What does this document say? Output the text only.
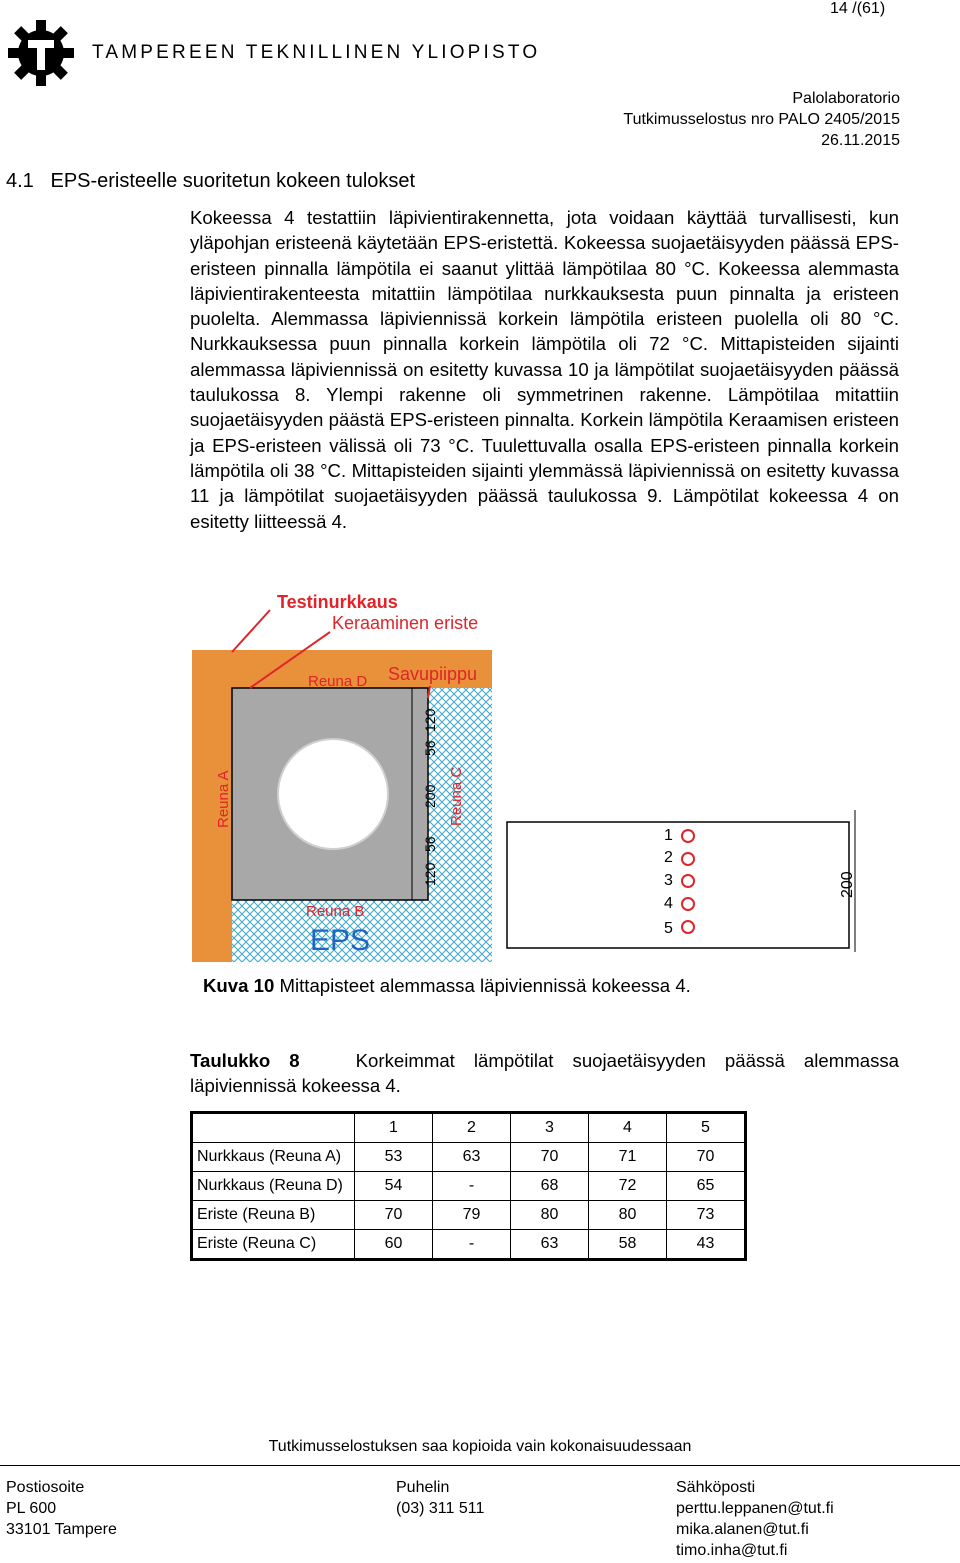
14 /(61)
TAMPEREEN TEKNILLINEN YLIOPISTO
Palolaboratorio
Tutkimusselostus nro PALO 2405/2015
26.11.2015
4.1   EPS-eristeelle suoritetun kokeen tulokset

Kokeessa 4 testattiin läpivientirakennetta, jota voidaan käyttää turvallisesti, kun yläpohjan eristeenä käytetään EPS-eristettä. Kokeessa suojaetäisyyden päässä EPS-eristeen pinnalla lämpötila ei saanut ylittää lämpötilaa 80 °C. Kokeessa alemmasta läpivientirakenteesta mitattiin lämpötilaa nurkkauksesta puun pinnalta ja eristeen puolelta. Alemmassa läpiviennissä korkein lämpötila eristeen puolella oli 80 °C. Nurkkauksessa puun pinnalla korkein lämpötila oli 72 °C. Mittapisteiden sijainti alemmassa läpiviennissä on esitetty kuvassa 10 ja lämpötilat suojaetäisyyden päässä taulukossa 8. Ylempi rakenne oli symmetrinen rakenne. Lämpötilaa mitattiin suojaetäisyyden päästä EPS-eristeen pinnalta. Korkein lämpötila Keraamisen eristeen ja EPS-eristeen välissä oli 73 °C. Tuulettuvalla osalla EPS-eristeen pinnalla korkein lämpötila oli 38 °C. Mittapisteiden sijainti ylemmässä läpiviennissä on esitetty kuvassa 11 ja lämpötilat suojaetäisyyden päässä taulukossa 9. Lämpötilat kokeessa 4 on esitetty liitteessä 4.

Testinurkkaus
Keraaminen eriste
Reuna D Savupiippu
Reuna A	Reuna C
Reuna B
EPS
120
56
200
56
120	200
1
2
3
4
5
Kuva 10 Mittapisteet alemmassa läpiviennissä kokeessa 4.
Taulukko 8	Korkeimmat lämpötilat suojaetäisyyden päässä alemmassa läpiviennissä kokeessa 4.
	1	2	3	4	5
Nurkkaus (Reuna A)	53	63	70	71	70
Nurkkaus (Reuna D)	54	-	68	72	65
Eriste (Reuna B)	70	79	80	80	73
Eriste (Reuna C)	60	-	63	58	43
Tutkimusselostuksen saa kopioida vain kokonaisuudessaan
Postiosoite
PL 600
33101 Tampere
Puhelin
(03) 311 511
Sähköposti
perttu.leppanen@tut.fi
mika.alanen@tut.fi
timo.inha@tut.fi
